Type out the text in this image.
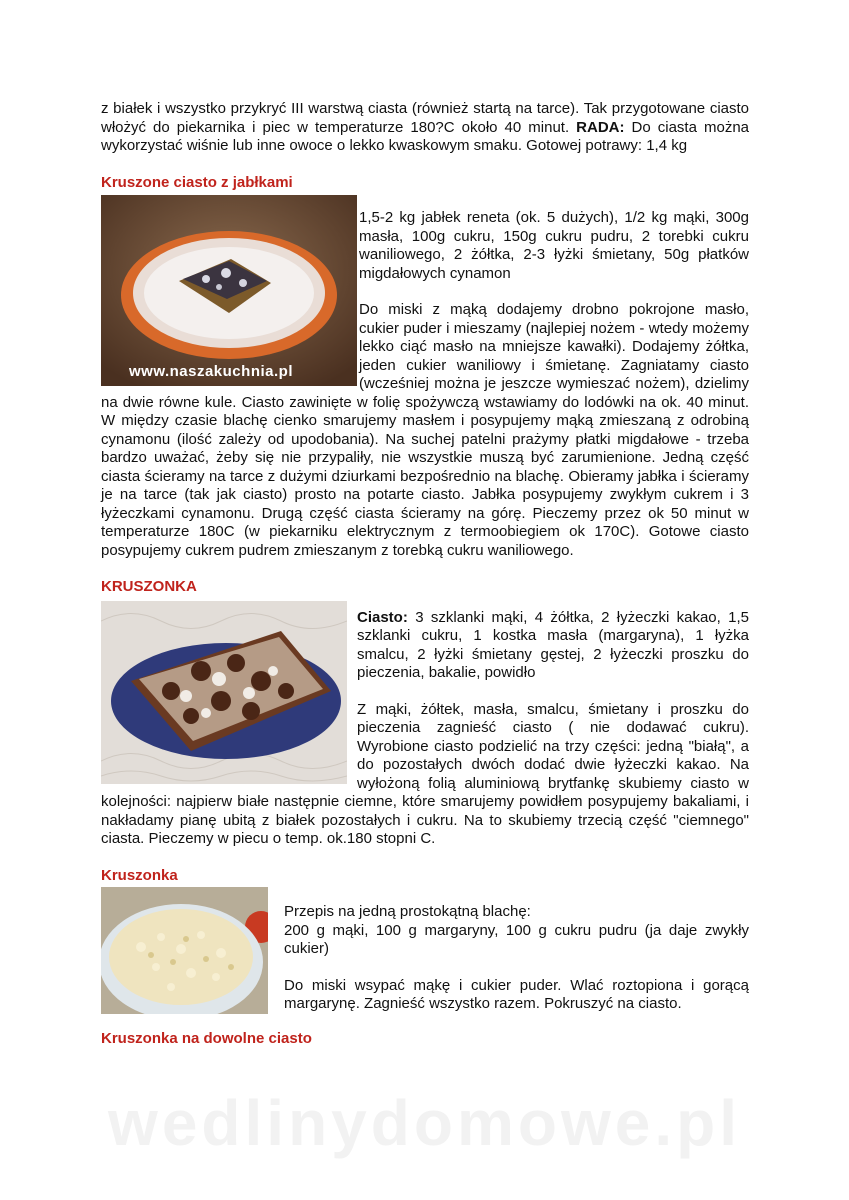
wedlinydomowe.pl

z białek i wszystko przykryć III warstwą ciasta (również startą na tarce). Tak przygotowane ciasto włożyć do piekarnika i piec w temperaturze 180?C około 40 minut. RADA: Do ciasta można wykorzystać wiśnie lub inne owoce o lekko kwaskowym smaku. Gotowej potrawy: 1,4 kg

Kruszone ciasto z jabłkami
www.naszakuchnia.pl

1,5-2 kg jabłek reneta (ok. 5 dużych), 1/2 kg mąki, 300g masła, 100g cukru, 150g cukru pudru, 2 torebki cukru waniliowego, 2 żółtka, 2-3 łyżki śmietany, 50g płatków migdałowych cynamon

Do miski z mąką dodajemy drobno pokrojone masło, cukier puder i mieszamy (najlepiej nożem - wtedy możemy lekko ciąć masło na mniejsze kawałki). Dodajemy żółtka, jeden cukier waniliowy i śmietanę. Zagniatamy ciasto (wcześniej można je jeszcze wymieszać nożem), dzielimy na dwie równe kule. Ciasto zawinięte w folię spożywczą wstawiamy do lodówki na ok. 40 minut. W między czasie blachę cienko smarujemy masłem i posypujemy mąką zmieszaną z odrobiną cynamonu (ilość zależy od upodobania). Na suchej patelni prażymy płatki migdałowe - trzeba bardzo uważać, żeby się nie przypaliły, nie wszystkie muszą być zarumienione. Jedną część ciasta ścieramy na tarce z dużymi dziurkami bezpośrednio na blachę. Obieramy jabłka i ścieramy je na tarce (tak jak ciasto) prosto na potarte ciasto. Jabłka posypujemy zwykłym cukrem i 3 łyżeczkami cynamonu. Drugą część ciasta ścieramy na górę. Pieczemy przez ok 50 minut w temperaturze 180C (w piekarniku elektrycznym z termoobiegiem ok 170C). Gotowe ciasto posypujemy cukrem pudrem zmieszanym z torebką cukru waniliowego.

KRUSZONKA

Ciasto: 3 szklanki mąki, 4 żółtka, 2 łyżeczki kakao, 1,5 szklanki cukru, 1 kostka masła (margaryna), 1 łyżka smalcu, 2 łyżki śmietany gęstej, 2 łyżeczki proszku do pieczenia, bakalie, powidło

Z mąki, żółtek, masła, smalcu, śmietany i proszku do pieczenia zagnieść ciasto ( nie dodawać cukru). Wyrobione ciasto podzielić na trzy części: jedną "białą", a do pozostałych dwóch dodać dwie łyżeczki kakao. Na wyłożoną folią aluminiową brytfankę skubiemy ciasto w kolejności: najpierw białe następnie ciemne, które smarujemy powidłem posypujemy bakaliami, i nakładamy pianę ubitą z białek pozostałych i cukru. Na to skubiemy trzecią część "ciemnego" ciasta. Pieczemy w piecu o temp. ok.180 stopni C.

Kruszonka

Przepis na jedną prostokątną blachę:

200 g mąki, 100 g margaryny, 100 g cukru pudru (ja daje zwykły cukier)

Do miski wsypać mąkę i cukier puder. Wlać roztopiona i gorącą margarynę. Zagnieść wszystko razem. Pokruszyć na ciasto.

Kruszonka na dowolne ciasto
